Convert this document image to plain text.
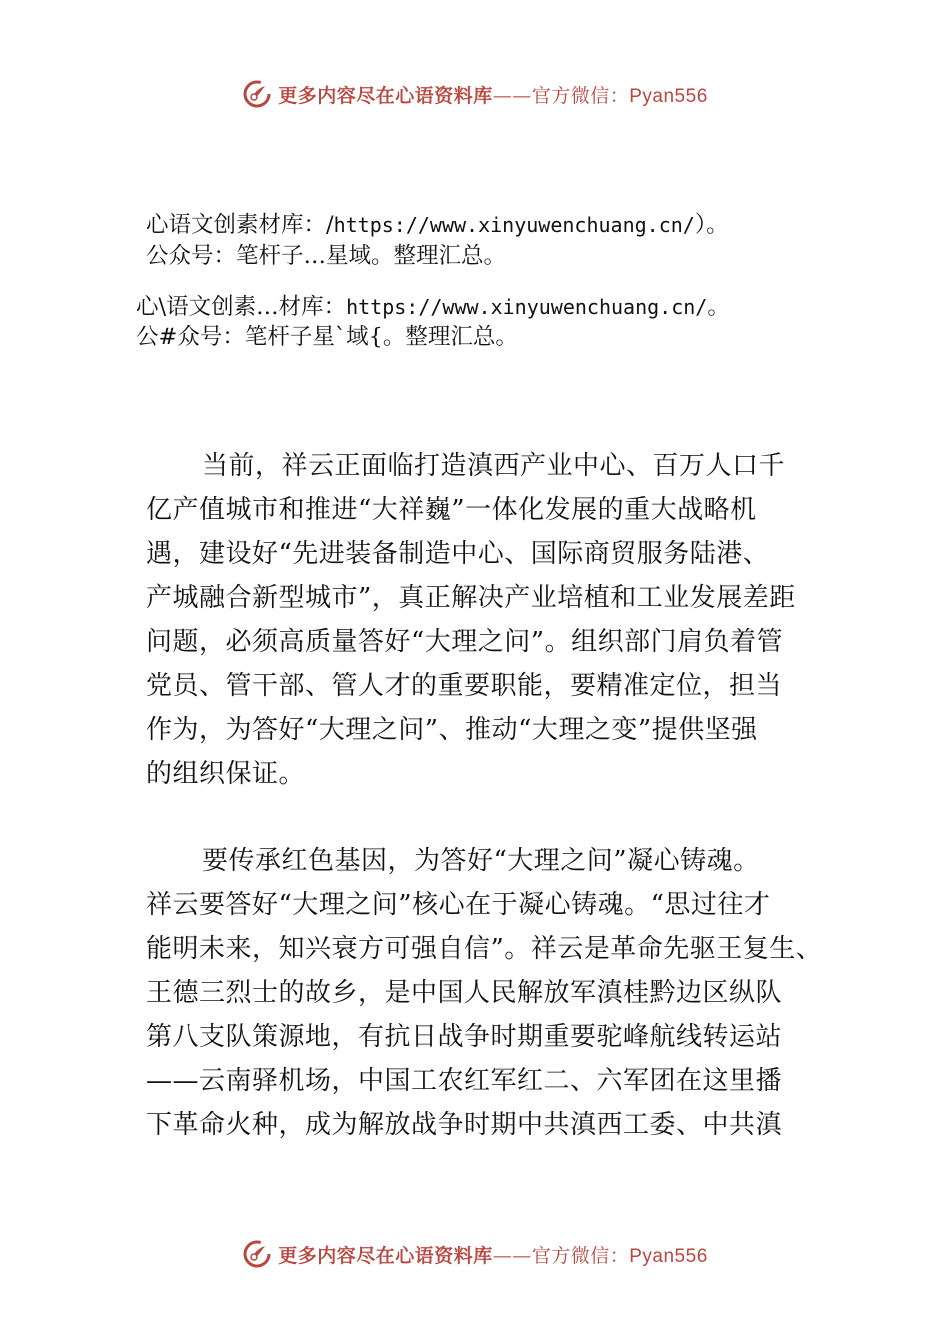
更多内容尽在心语资料库——官方微信：Pyan556
心语文创素材库：/https://www.xinyuwenchuang.cn/）。
公众号：笔杆子…星域。整理汇总。
心\语文创素…材库：https://www.xinyuwenchuang.cn/。
公#众号：笔杆子星`域{。整理汇总。

当前，祥云正面临打造滇西产业中心、百万人口千
亿产值城市和推进“大祥巍”一体化发展的重大战略机
遇，建设好“先进装备制造中心、国际商贸服务陆港、
产城融合新型城市”，真正解决产业培植和工业发展差距
问题，必须高质量答好“大理之问”。组织部门肩负着管
党员、管干部、管人才的重要职能，要精准定位，担当
作为，为答好“大理之问”、推动“大理之变”提供坚强
的组织保证。

要传承红色基因，为答好“大理之问”凝心铸魂。
祥云要答好“大理之问”核心在于凝心铸魂。“思过往才
能明未来，知兴衰方可强自信”。祥云是革命先驱王复生、
王德三烈士的故乡，是中国人民解放军滇桂黔边区纵队
第八支队策源地，有抗日战争时期重要驼峰航线转运站
——云南驿机场，中国工农红军红二、六军团在这里播
下革命火种，成为解放战争时期中共滇西工委、中共滇

更多内容尽在心语资料库——官方微信：Pyan556
